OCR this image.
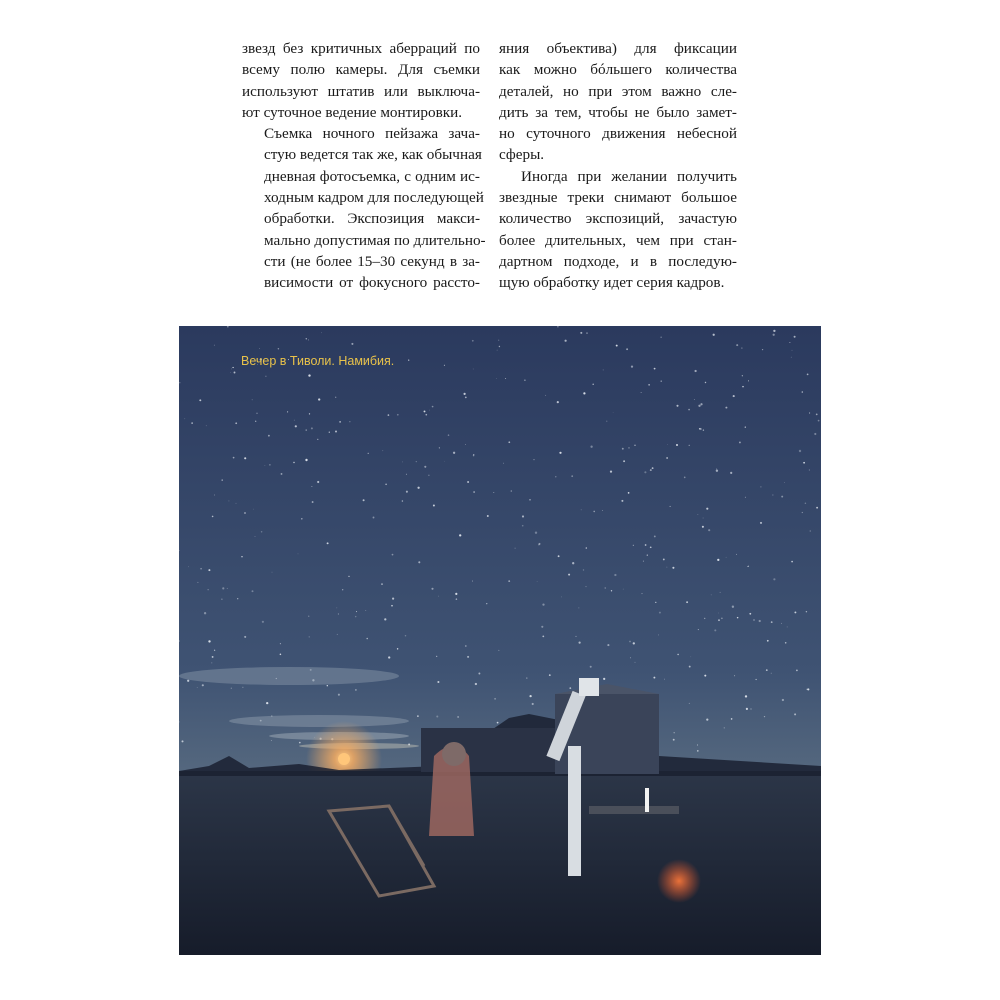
звезд без критичных аберраций по
всему полю камеры. Для съемки
используют штатив или выключа-
ют суточное ведение монтировки.

Съемка ночного пейзажа зача-
стую ведется так же, как обычная
дневная фотосъемка, с одним ис-
ходным кадром для последующей
обработки. Экспозиция макси-
мально допустимая по длительно-
сти (не более 15–30 секунд в за-
висимости от фокусного рассто-

яния объектива) для фиксации
как можно бóльшего количества
деталей, но при этом важно сле-
дить за тем, чтобы не было замет-
но суточного движения небесной
сферы.

Иногда при желании получить
звездные треки снимают большое
количество экспозиций, зачастую
более длительных, чем при стан-
дартном подходе, и в последую-
щую обработку идет серия кадров.

Вечер в Тиволи. Намибия.
